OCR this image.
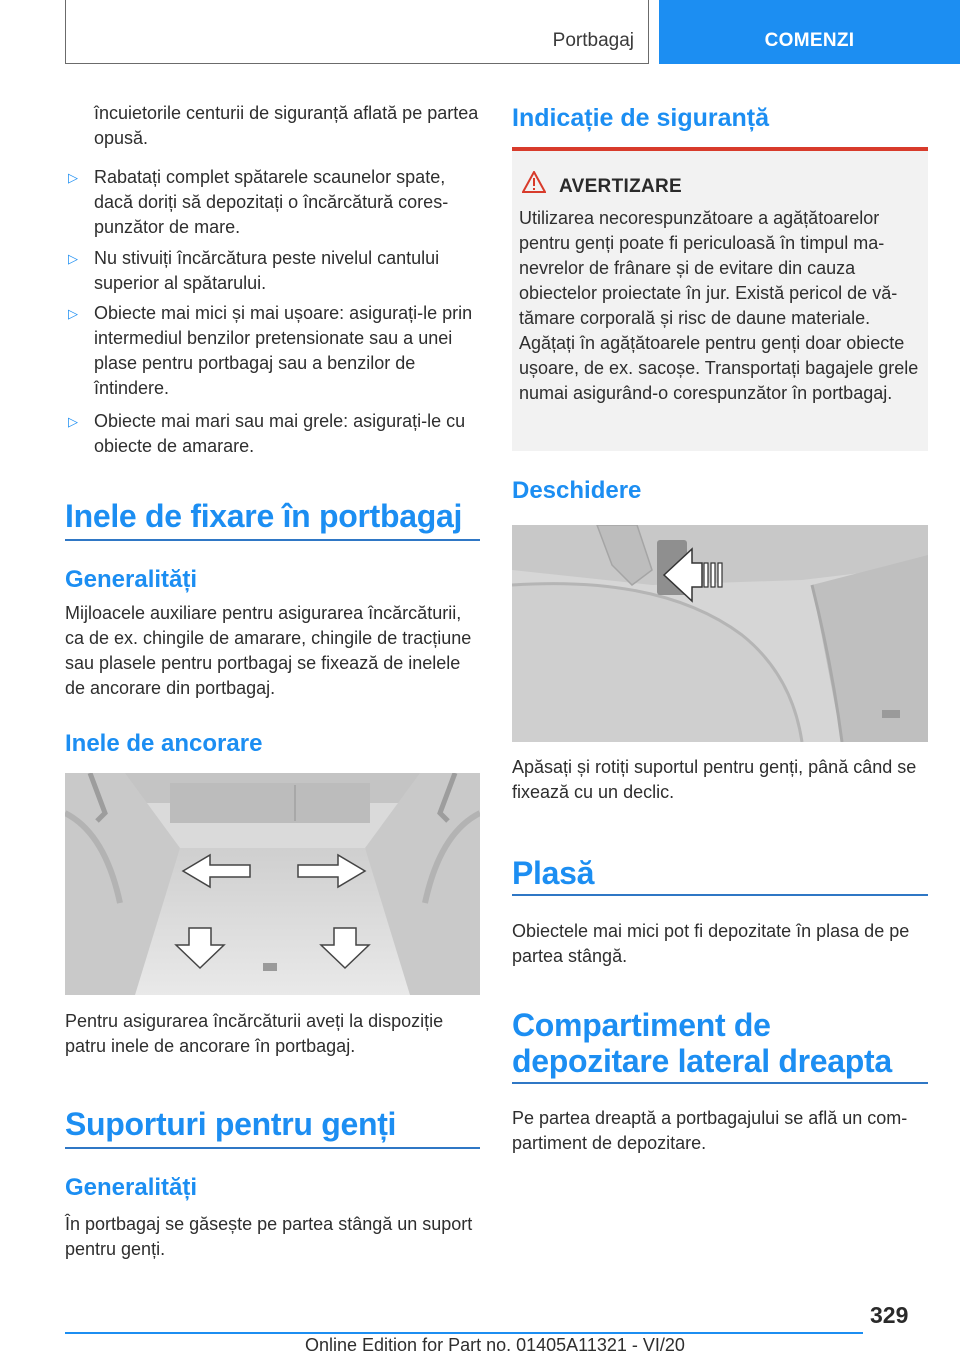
Portbagaj	COMENZI

încuietorile centurii de siguranță aflată pe partea opusă.

▷ Rabatați complet spătarele scaunelor spate, dacă doriți să depozitați o încărcătură corespunzător de mare.
▷ Nu stivuiți încărcătura peste nivelul cantului superior al spătarului.
▷ Obiecte mai mici și mai ușoare: asigurați-le prin intermediul benzilor pretensionate sau a unei plase pentru portbagaj sau a benzilor de întindere.
▷ Obiecte mai mari sau mai grele: asigurați-le cu obiecte de amarare.
Inele de fixare în portbagaj
Generalități

Mijloacele auxiliare pentru asigurarea încărcăturii, ca de ex. chingile de amarare, chingile de tracțiune sau plasele pentru portbagaj se fixează de inelele de ancorare din portbagaj.

Inele de ancorare

Pentru asigurarea încărcăturii aveți la dispoziție patru inele de ancorare în portbagaj.

Suporturi pentru genți
Generalități

În portbagaj se găsește pe partea stângă un suport pentru genți.

Indicație de siguranță
AVERTIZARE

Utilizarea necorespunzătoare a agățătoarelor pentru genți poate fi periculoasă în timpul manevrelor de frânare și de evitare din cauza obiectelor proiectate în jur. Există pericol de vătămare corporală și risc de daune materiale. Agățați în agățătoarele pentru genți doar obiecte ușoare, de ex. sacoșe. Transportați bagajele grele numai asigurând-o corespunzător în portbagaj.

Deschidere

Apăsați și rotiți suportul pentru genți, până când se fixează cu un declic.

Plasă

Obiectele mai mici pot fi depozitate în plasa de pe partea stângă.

Compartiment de depozitare lateral dreapta

Pe partea dreaptă a portbagajului se află un compartiment de depozitare.

329
Online Edition for Part no. 01405A11321 - VI/20
